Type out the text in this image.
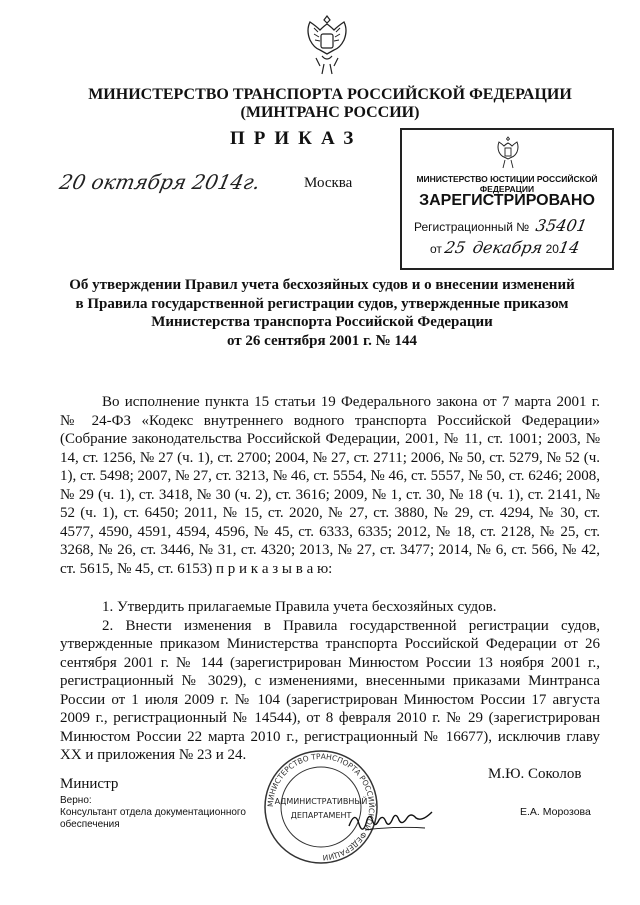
МИНИСТЕРСТВО ТРАНСПОРТА РОССИЙСКОЙ ФЕДЕРАЦИИ
(МИНТРАНС РОССИИ)
ПРИКАЗ
20 октября 2014г.	Москва	МИНИСТЕРСТВО ЮСТИЦИИ РОССИЙСКОЙ ФЕДЕРАЦИИ
ЗАРЕГИСТРИРОВАНО
Регистрационный № 35401
от 25 декабря 2014
Об утверждении Правил учета бесхозяйных судов и о внесении изменений
в Правила государственной регистрации судов, утвержденные приказом
Министерства транспорта Российской Федерации
от 26 сентября 2001 г. № 144

Во исполнение пункта 15 статьи 19 Федерального закона от 7 марта 2001 г. № 24-ФЗ «Кодекс внутреннего водного транспорта Российской Федерации» (Собрание законодательства Российской Федерации, 2001, № 11, ст. 1001; 2003, № 14, ст. 1256, № 27 (ч. 1), ст. 2700; 2004, № 27, ст. 2711; 2006, № 50, ст. 5279, № 52 (ч. 1), ст. 5498; 2007, № 27, ст. 3213, № 46, ст. 5554, № 46, ст. 5557, № 50, ст. 6246; 2008, № 29 (ч. 1), ст. 3418, № 30 (ч. 2), ст. 3616; 2009, № 1, ст. 30, № 18 (ч. 1), ст. 2141, № 52 (ч. 1), ст. 6450; 2011, № 15, ст. 2020, № 27, ст. 3880, № 29, ст. 4294, № 30, ст. 4577, 4590, 4591, 4594, 4596, № 45, ст. 6333, 6335; 2012, № 18, ст. 2128, № 25, ст. 3268, № 26, ст. 3446, № 31, ст. 4320; 2013, № 27, ст. 3477; 2014, № 6, ст. 566, № 42, ст. 5615, № 45, ст. 6153) п р и к а з ы в а ю:

1. Утвердить прилагаемые Правила учета бесхозяйных судов.

2. Внести изменения в Правила государственной регистрации судов, утвержденные приказом Министерства транспорта Российской Федерации от 26 сентября 2001 г. № 144 (зарегистрирован Минюстом России 13 ноября 2001 г., регистрационный № 3029), с изменениями, внесенными приказами Минтранса России от 1 июля 2009 г. № 104 (зарегистрирован Минюстом России 17 августа 2009 г., регистрационный № 14544), от 8 февраля 2010 г. № 29 (зарегистрирован Минюстом России 22 марта 2010 г., регистрационный № 16677), исключив главу XX и приложения № 23 и 24.

Министр
М.Ю. Соколов
Верно:
Консультант отдела документационного
обеспечения
МИНИСТЕРСТВО ТРАНСПОРТА РОССИЙСКОЙ ФЕДЕРАЦИИ
АДМИНИСТРАТИВНЫЙ
ДЕПАРТАМЕНТ	Е.А. Морозова
